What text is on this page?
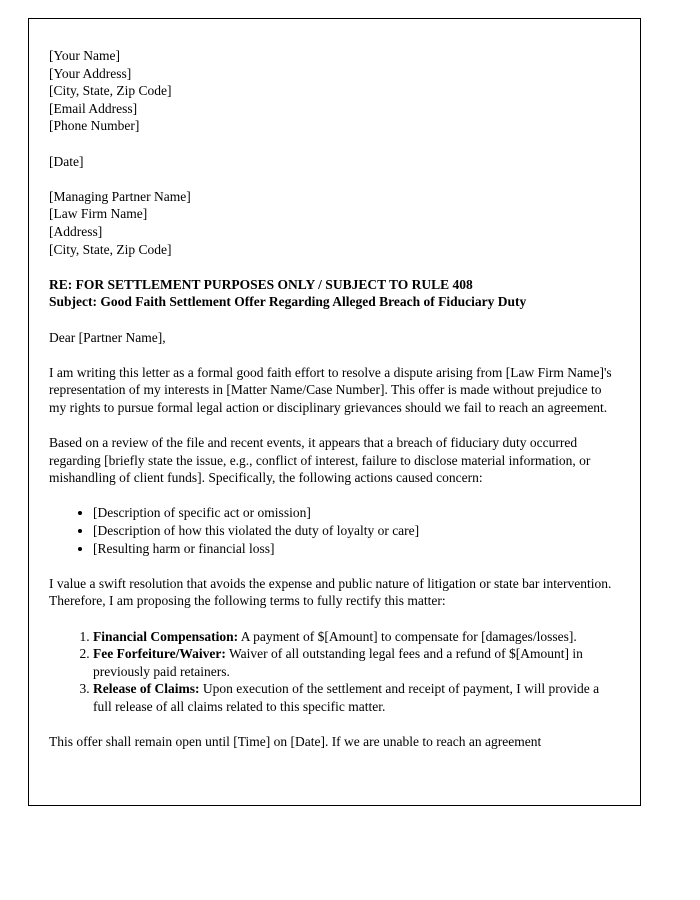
[Your Name]
[Your Address]
[City, State, Zip Code]
[Email Address]
[Phone Number]
[Date]
[Managing Partner Name]
[Law Firm Name]
[Address]
[City, State, Zip Code]
RE: FOR SETTLEMENT PURPOSES ONLY / SUBJECT TO RULE 408
Subject: Good Faith Settlement Offer Regarding Alleged Breach of Fiduciary Duty
Dear [Partner Name],

I am writing this letter as a formal good faith effort to resolve a dispute arising from [Law Firm Name]'s representation of my interests in [Matter Name/Case Number]. This offer is made without prejudice to my rights to pursue formal legal action or disciplinary grievances should we fail to reach an agreement.

Based on a review of the file and recent events, it appears that a breach of fiduciary duty occurred regarding [briefly state the issue, e.g., conflict of interest, failure to disclose material information, or mishandling of client funds]. Specifically, the following actions caused concern:

• [Description of specific act or omission]
• [Description of how this violated the duty of loyalty or care]
• [Resulting harm or financial loss]

I value a swift resolution that avoids the expense and public nature of litigation or state bar intervention. Therefore, I am proposing the following terms to fully rectify this matter:

1. Financial Compensation: A payment of $[Amount] to compensate for [damages/losses].
2. Fee Forfeiture/Waiver: Waiver of all outstanding legal fees and a refund of $[Amount] in previously paid retainers.
3. Release of Claims: Upon execution of the settlement and receipt of payment, I will provide a full release of all claims related to this specific matter.

This offer shall remain open until [Time] on [Date]. If we are unable to reach an agreement
